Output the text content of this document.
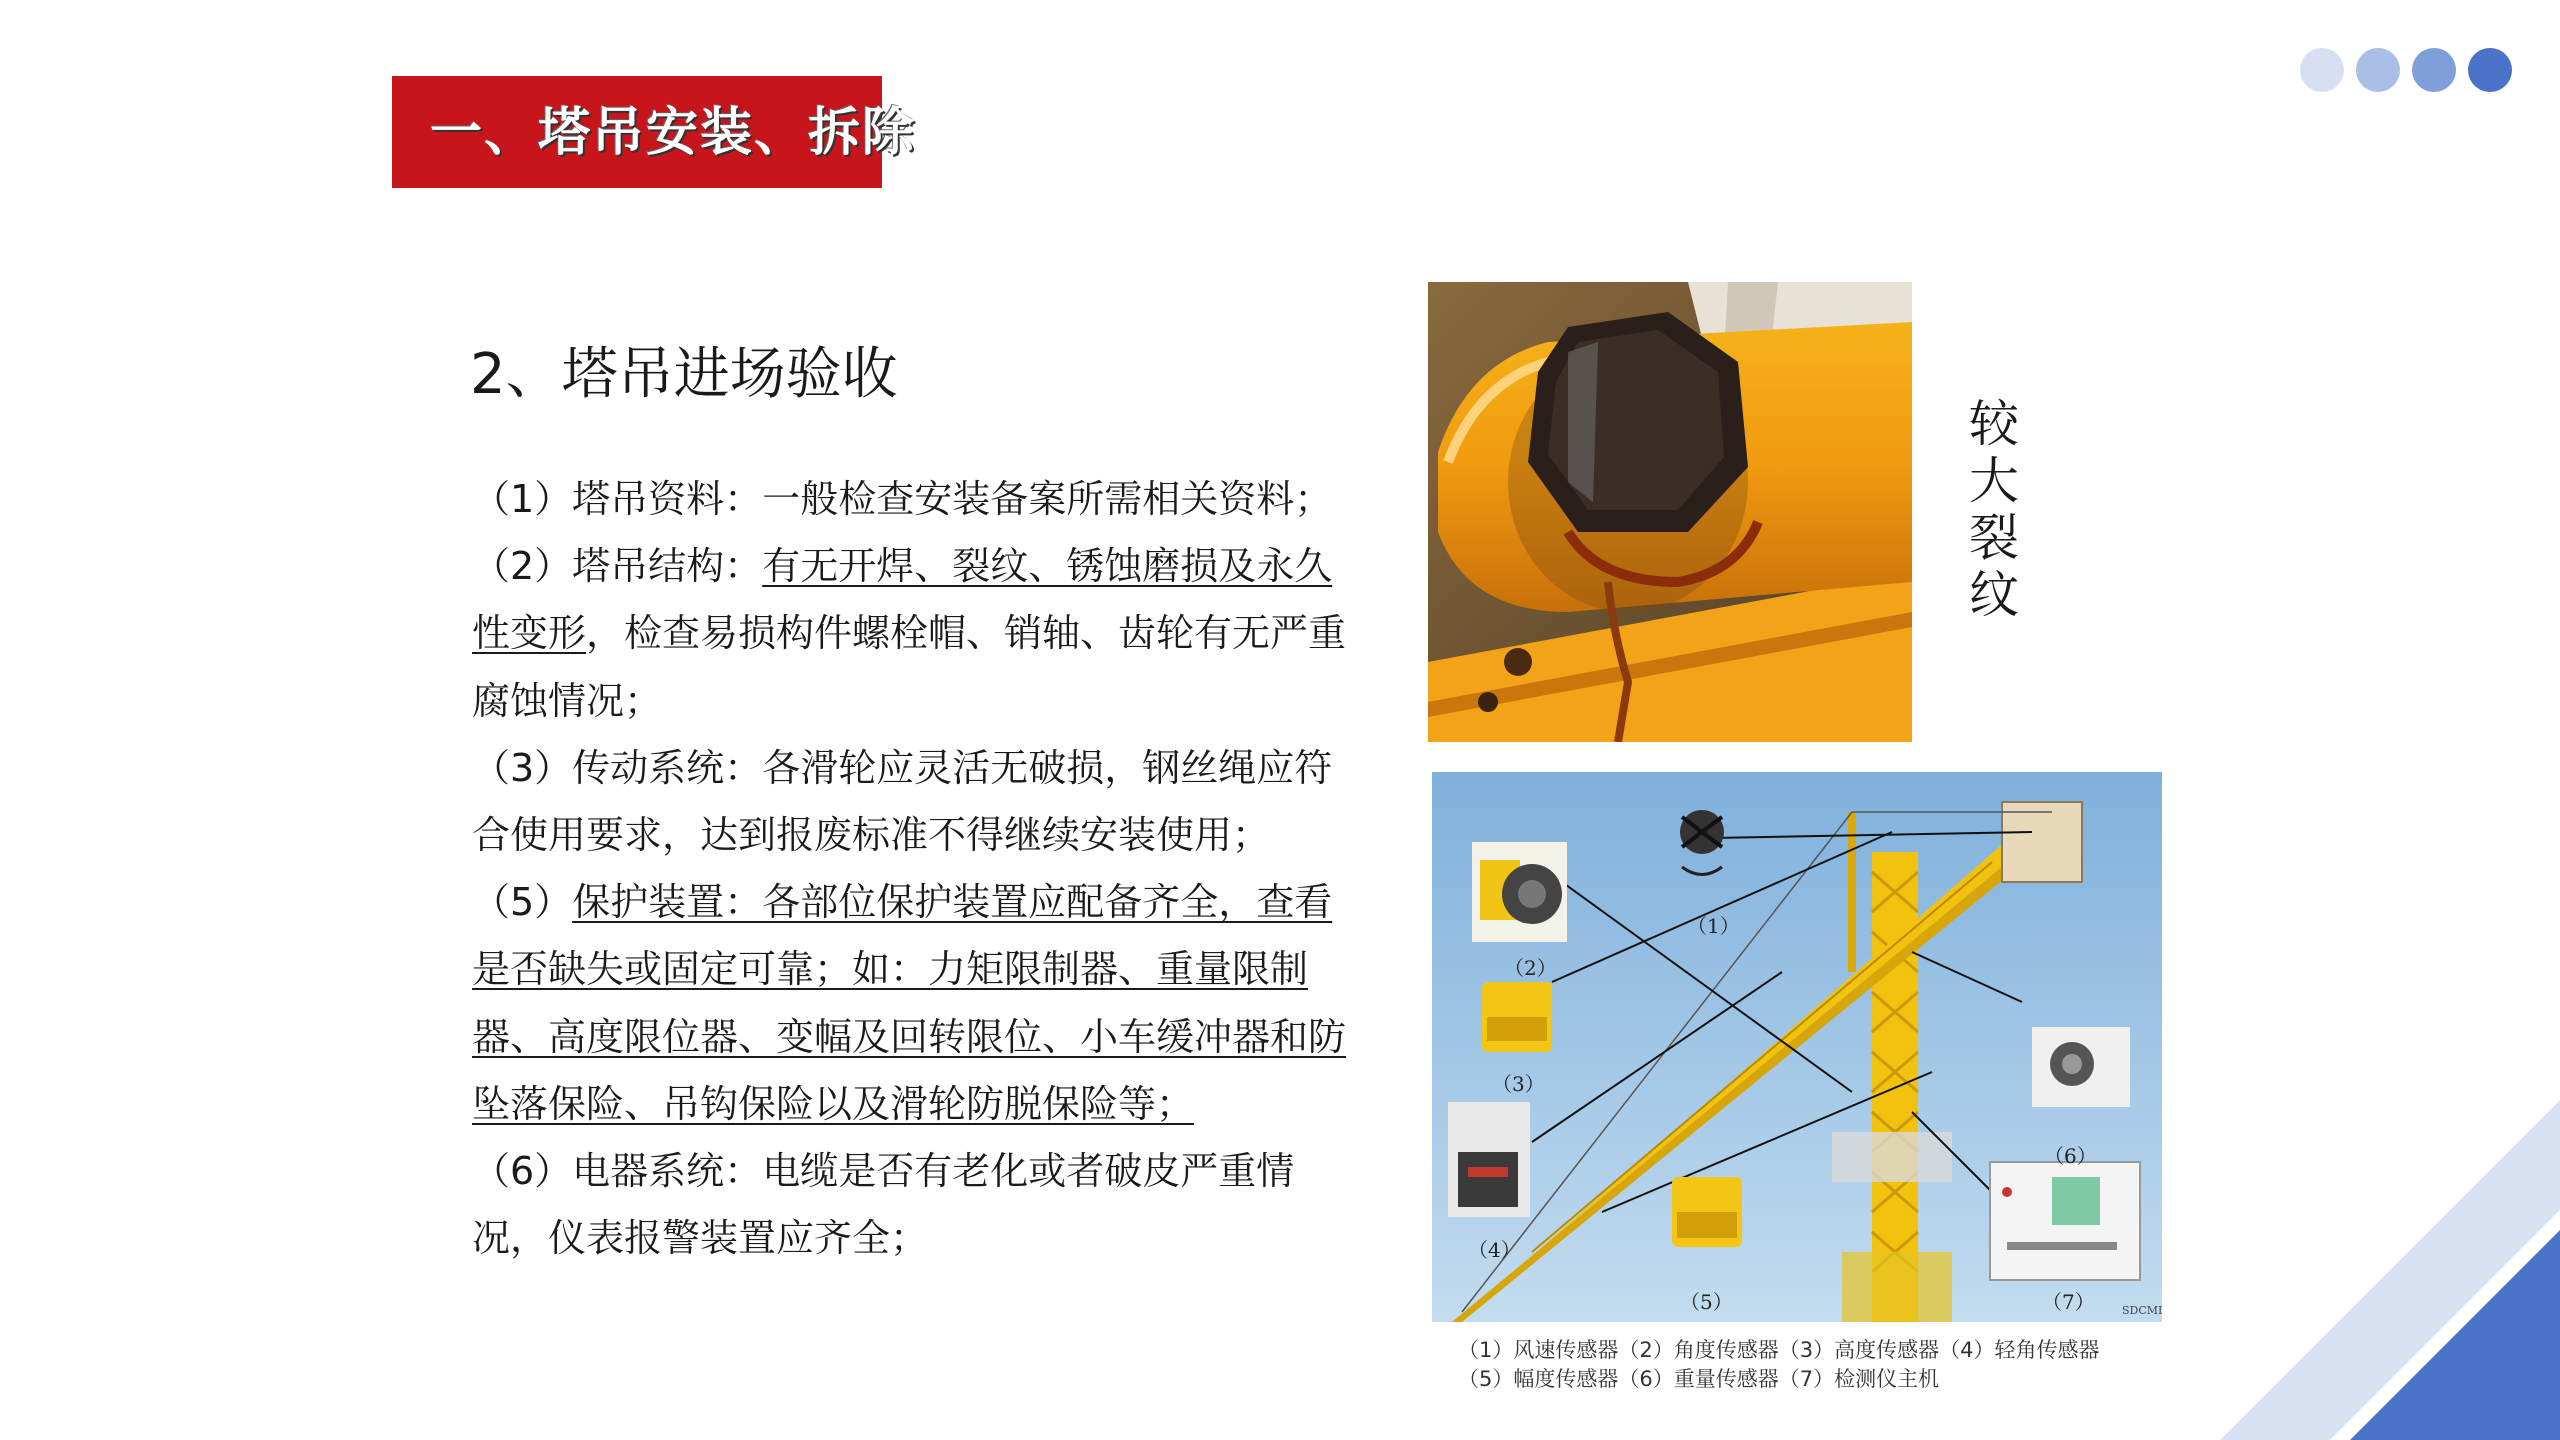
一、塔吊安装、拆除
2、塔吊进场验收

（1）塔吊资料：一般检查安装备案所需相关资料；

（2）塔吊结构：有无开焊、裂纹、锈蚀磨损及永久性变形，检查易损构件螺栓帽、销轴、齿轮有无严重腐蚀情况；

（3）传动系统：各滑轮应灵活无破损，钢丝绳应符合使用要求，达到报废标准不得继续安装使用；

（5）保护装置：各部位保护装置应配备齐全，查看是否缺失或固定可靠；如：力矩限制器、重量限制器、高度限位器、变幅及回转限位、小车缓冲器和防坠落保险、吊钩保险以及滑轮防脱保险等；

（6）电器系统：电缆是否有老化或者破皮严重情况，仪表报警装置应齐全；

较
大
裂
纹
（1）
（2）
（3）
（4）
（5）
（6）
（7） SDCMI
（1）风速传感器（2）角度传感器（3）高度传感器（4）轻角传感器
（5）幅度传感器（6）重量传感器（7）检测仪主机
